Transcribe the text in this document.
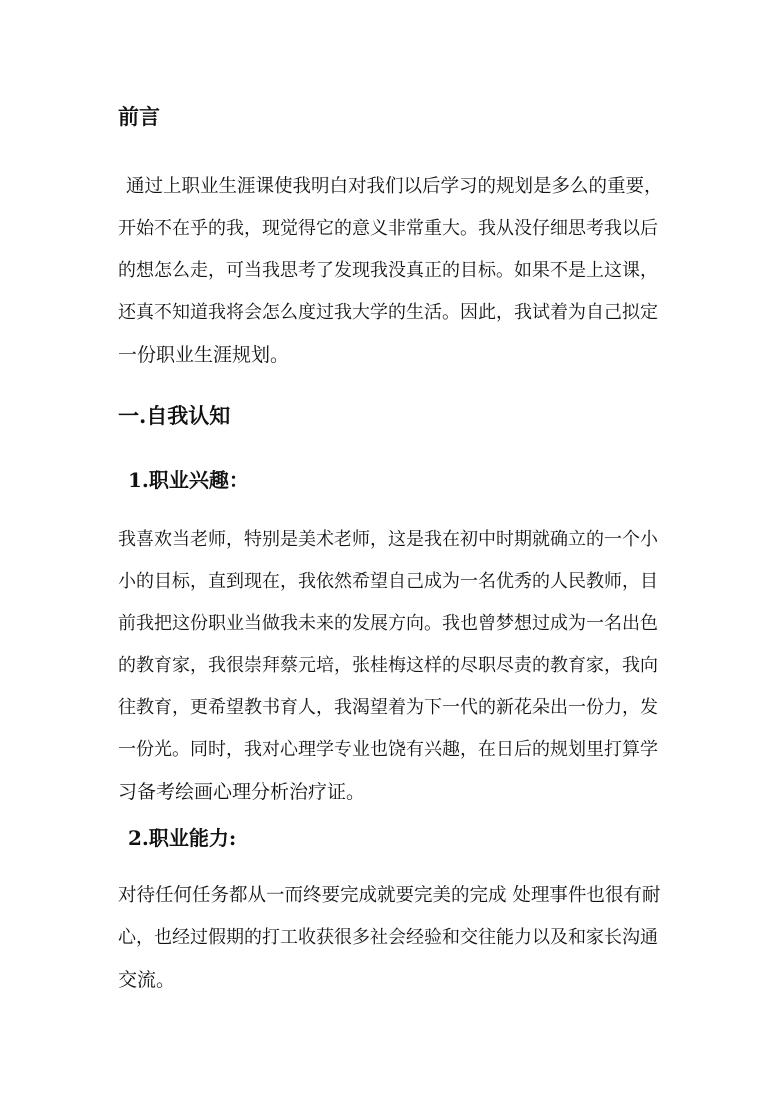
前言
通过上职业生涯课使我明白对我们以后学习的规划是多么的重要，
开始不在乎的我，现觉得它的意义非常重大。我从没仔细思考我以后
的想怎么走，可当我思考了发现我没真正的目标。如果不是上这课，
还真不知道我将会怎么度过我大学的生活。因此，我试着为自己拟定
一份职业生涯规划。
一.自我认知
1.职业兴趣：
我喜欢当老师，特别是美术老师，这是我在初中时期就确立的一个小
小的目标，直到现在，我依然希望自己成为一名优秀的人民教师，目
前我把这份职业当做我未来的发展方向。我也曾梦想过成为一名出色
的教育家，我很崇拜蔡元培，张桂梅这样的尽职尽责的教育家，我向
往教育，更希望教书育人，我渴望着为下一代的新花朵出一份力，发
一份光。同时，我对心理学专业也饶有兴趣，在日后的规划里打算学
习备考绘画心理分析治疗证。
2.职业能力:
对待任何任务都从一而终要完成就要完美的完成 处理事件也很有耐
心，也经过假期的打工收获很多社会经验和交往能力以及和家长沟通
交流。
